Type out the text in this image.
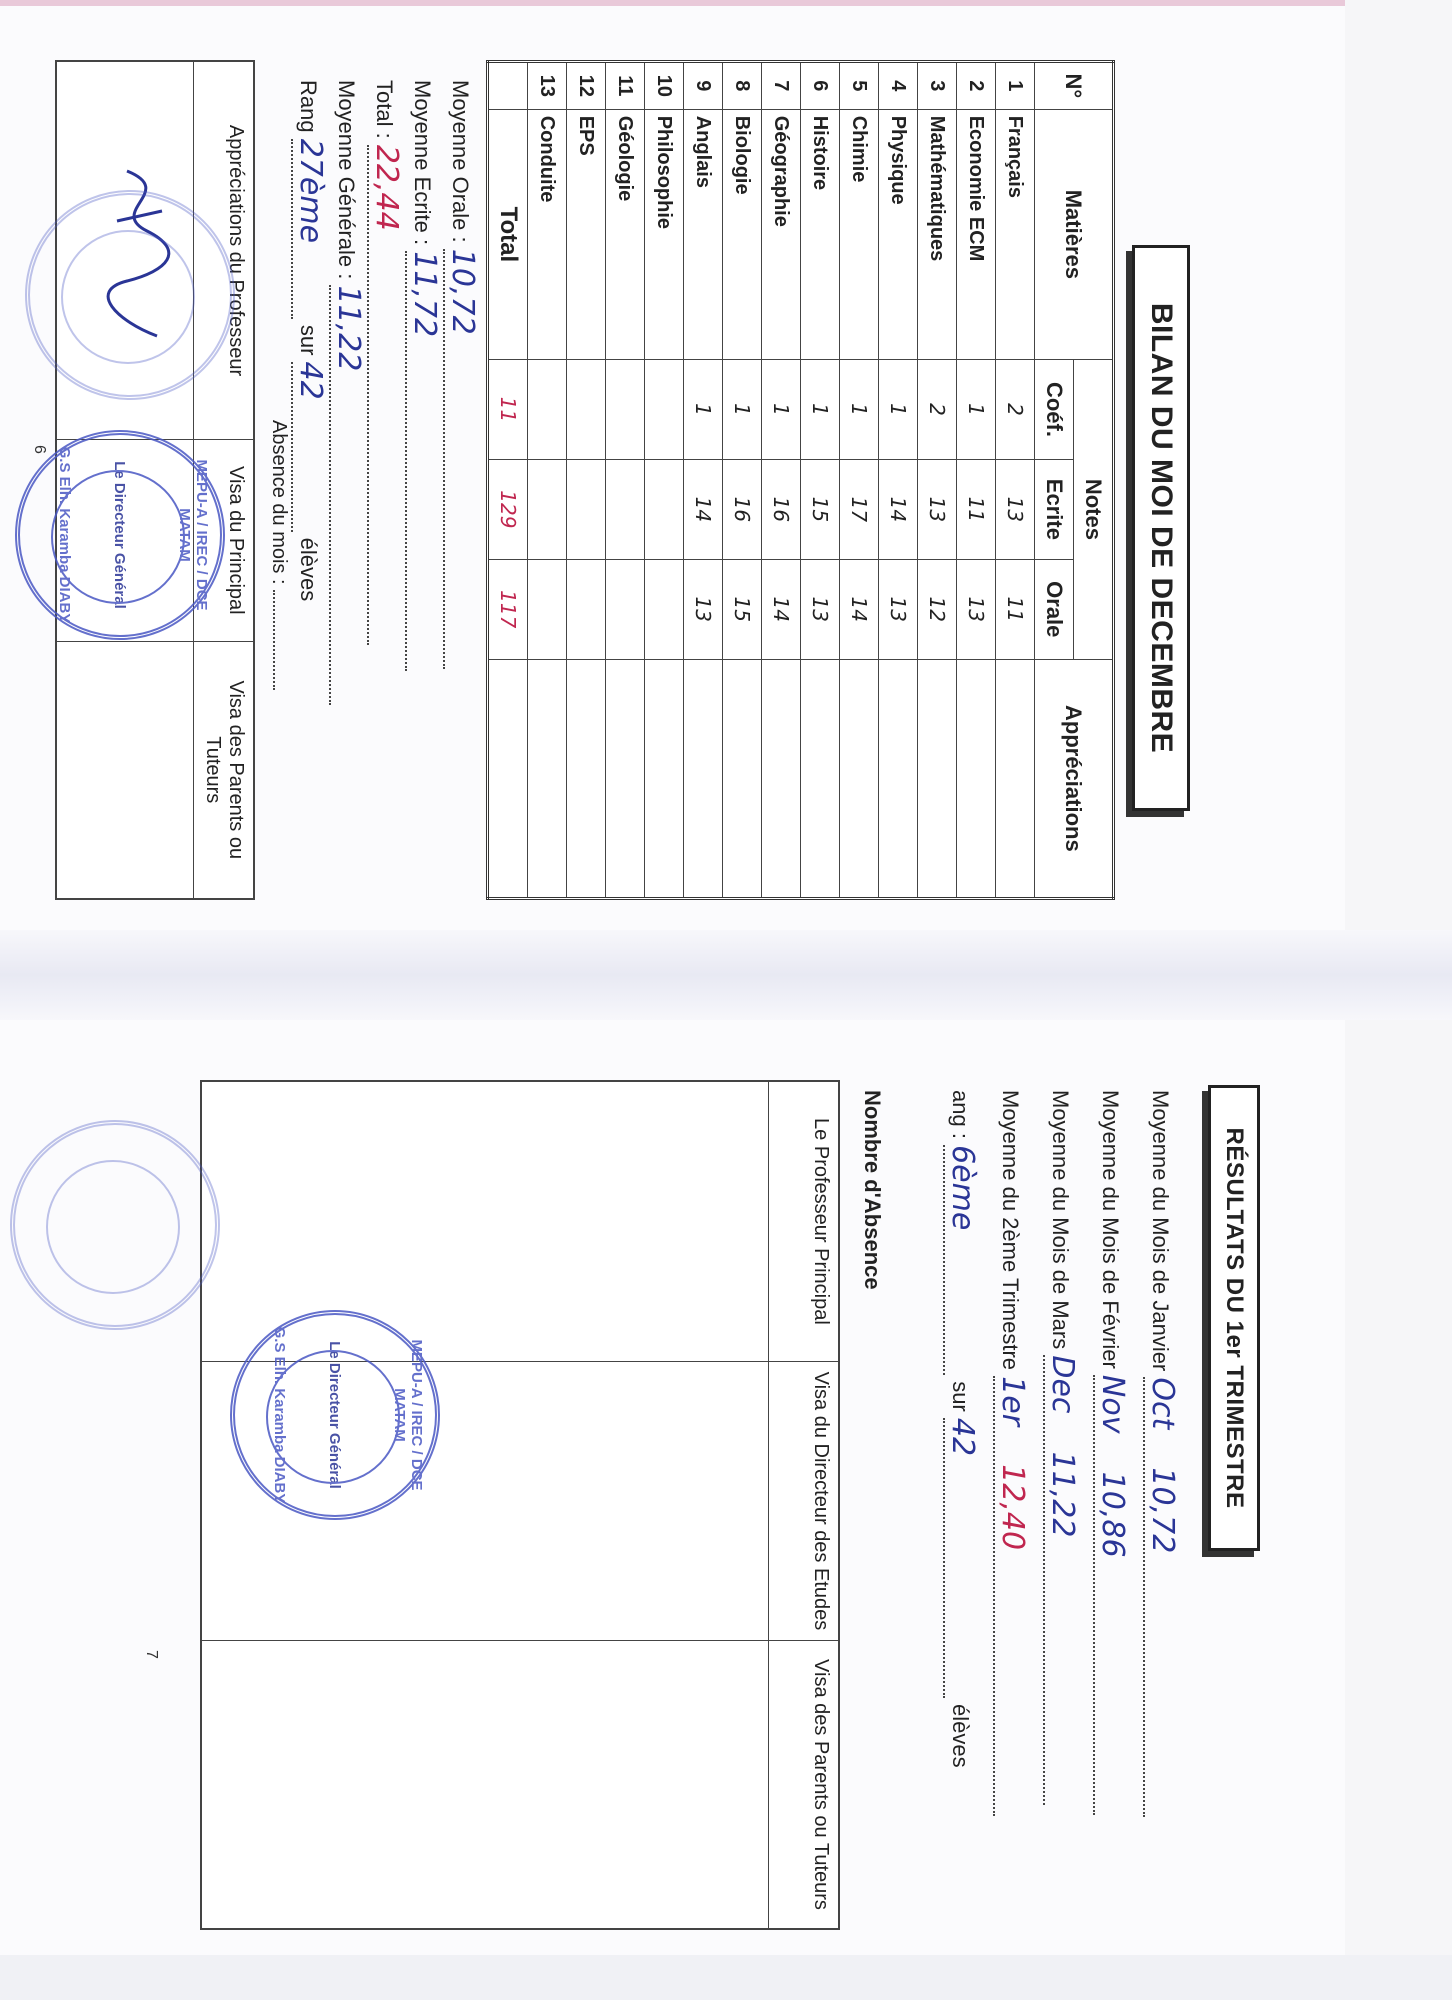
BILAN DU MOI DE DECEMBRE
N°	Matières	Notes			Appréciations
		Coéf.	Ecrite	Orale	
1	Français	2	13	11	
2	Economie ECM	1	11	13	
3	Mathématiques	2	13	12	
4	Physique	1	14	13	
5	Chimie	1	17	14	
6	Histoire	1	15	13	
7	Géographie	1	16	14	
8	Biologie	1	16	15	
9	Anglais	1	14	13	
10	Philosophie				
11	Géologie				
12	EPS				
13	Conduite				
	Total	11	129	117	
Moyenne Orale : 10,72
Moyenne Ecrite : 11,72
Total : 22,44
Moyenne Générale : 11,22
Rang 27ème sur 42 élèves
Absence du mois :
Appréciations du Professeur	Visa du Principal	Visa des Parents ou Tuteurs

MEPU-A / IREC / DCE MATAM
Le Directeur Général
G.S Elh. Karamba DIABY
6
RÉSULTATS DU 1er TRIMESTRE
Moyenne du Mois de Janvier Oct    10,72
Moyenne du Mois de Février Nov    10,86
Moyenne du Mois de Mars Dec    11,22
Moyenne du 2ème Trimestre 1er    12,40
ang : 6ème sur 42 élèves
Nombre d'Absence
Le Professeur Principal	Visa du Directeur des Etudes	Visa des Parents ou Tuteurs

MEPU-A / IREC / DCE MATAM
Le Directeur Général
G.S Elh. Karamba DIABY
7
